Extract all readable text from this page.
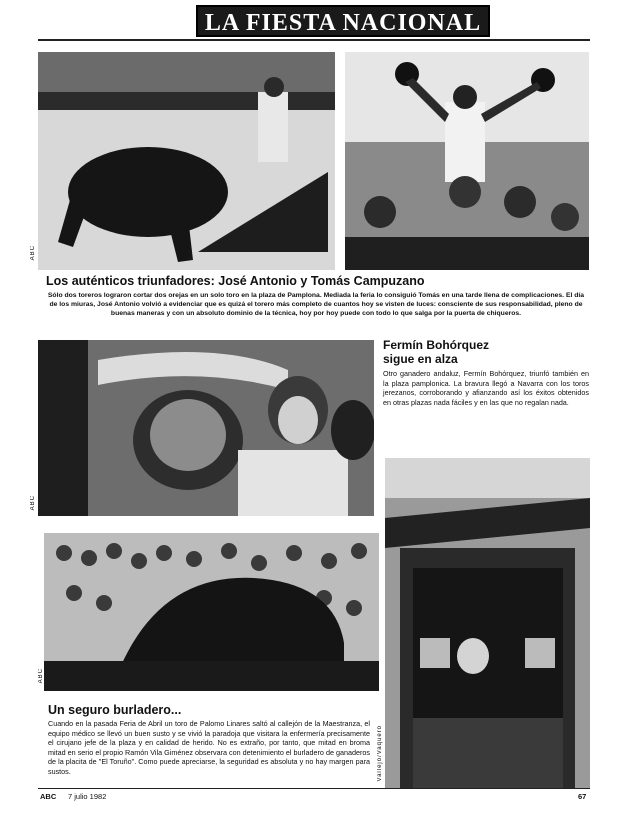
LA FIESTA NACIONAL
ABC
Los auténticos triunfadores: José Antonio y Tomás Campuzano
Sólo dos toreros lograron cortar dos orejas en un solo toro en la plaza de Pamplona. Mediada la feria lo consiguió Tomás en una tarde llena de complicaciones. El día de los miuras, José Antonio volvió a evidenciar que es quizá el torero más completo de cuantos hoy se visten de luces: consciente de sus responsabilidad, pleno de buenas maneras y con un absoluto dominio de la técnica, hoy por hoy puede con todo lo que salga por la puerta de chiqueros.
ABC
Fermín Bohórquez
sigue en alza
Otro ganadero andaluz, Fermín Bohórquez, triunfó también en la plaza pamplonica. La bravura llegó a Navarra con los toros jerezanos, corroborando y afianzando así los éxitos obtenidos en otras plazas nada fáciles y en las que no regalan nada.
ABC
Vallejo/Vaquero
Un seguro burladero...
Cuando en la pasada Feria de Abril un toro de Palomo Linares saltó al callejón de la Maestranza, el equipo médico se llevó un buen susto y se vivió la paradoja que visitara la enfermería precisamente el cirujano jefe de la plaza y en calidad de herido. No es extraño, por tanto, que mitad en broma mitad en serio el propio Ramón Vila Giménez observara con detenimiento el burladero de ganaderos de la placita de "El Toruño". Como puede apreciarse, la seguridad es absoluta y no hay margen para sustos.
ABC 7 julio 1982	67
